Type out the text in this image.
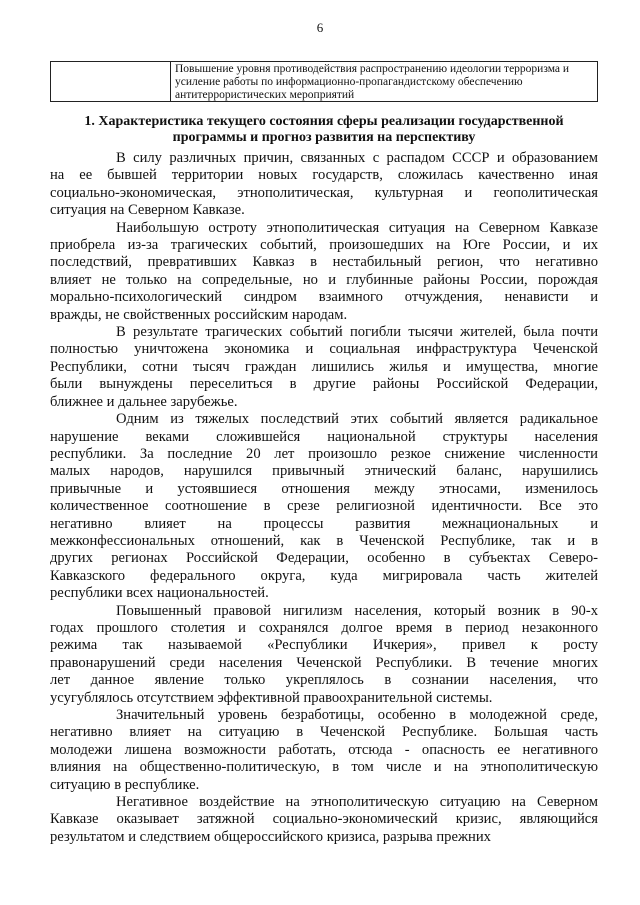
6
Повышение уровня противодействия распространению идеологии терроризма и усиление работы по информационно-пропагандистскому обеспечению антитеррористических мероприятий
1. Характеристика текущего состояния сферы реализации государственной программы и прогноз развития на перспективу
В силу различных причин, связанных с распадом СССР и образованием
на ее бывшей территории новых государств, сложилась качественно иная
социально-экономическая, этнополитическая, культурная и геополитическая
ситуация на Северном Кавказе.
Наибольшую остроту этнополитическая ситуация на Северном Кавказе
приобрела из-за трагических событий, произошедших на Юге России, и их
последствий, превративших Кавказ в нестабильный регион, что негативно
влияет не только на сопредельные, но и глубинные районы России, порождая
морально-психологический синдром взаимного отчуждения, ненависти и
вражды, не свойственных российским народам.
В результате трагических событий погибли тысячи жителей, была почти
полностью уничтожена экономика и социальная инфраструктура Чеченской
Республики, сотни тысяч граждан лишились жилья и имущества, многие
были вынуждены переселиться в другие районы Российской Федерации,
ближнее и дальнее зарубежье.
Одним из тяжелых последствий этих событий является радикальное
нарушение веками сложившейся национальной структуры населения
республики. За последние 20 лет произошло резкое снижение численности
малых народов, нарушился привычный этнический баланс, нарушились
привычные и устоявшиеся отношения между этносами, изменилось
количественное соотношение в срезе религиозной идентичности. Все это
негативно влияет на процессы развития межнациональных и
межконфессиональных отношений, как в Чеченской Республике, так и в
других регионах Российской Федерации, особенно в субъектах Северо-
Кавказского федерального округа, куда мигрировала часть жителей
республики всех национальностей.
Повышенный правовой нигилизм населения, который возник в 90-х
годах прошлого столетия и сохранялся долгое время в период незаконного
режима так называемой «Республики Ичкерия», привел к росту
правонарушений среди населения Чеченской Республики. В течение многих
лет данное явление только укреплялось в сознании населения, что
усугублялось отсутствием эффективной правоохранительной системы.
Значительный уровень безработицы, особенно в молодежной среде,
негативно влияет на ситуацию в Чеченской Республике. Большая часть
молодежи лишена возможности работать, отсюда - опасность ее негативного
влияния на общественно-политическую, в том числе и на этнополитическую
ситуацию в республике.
Негативное воздействие на этнополитическую ситуацию на Северном
Кавказе оказывает затяжной социально-экономический кризис, являющийся
результатом и следствием общероссийского кризиса, разрыва прежних
